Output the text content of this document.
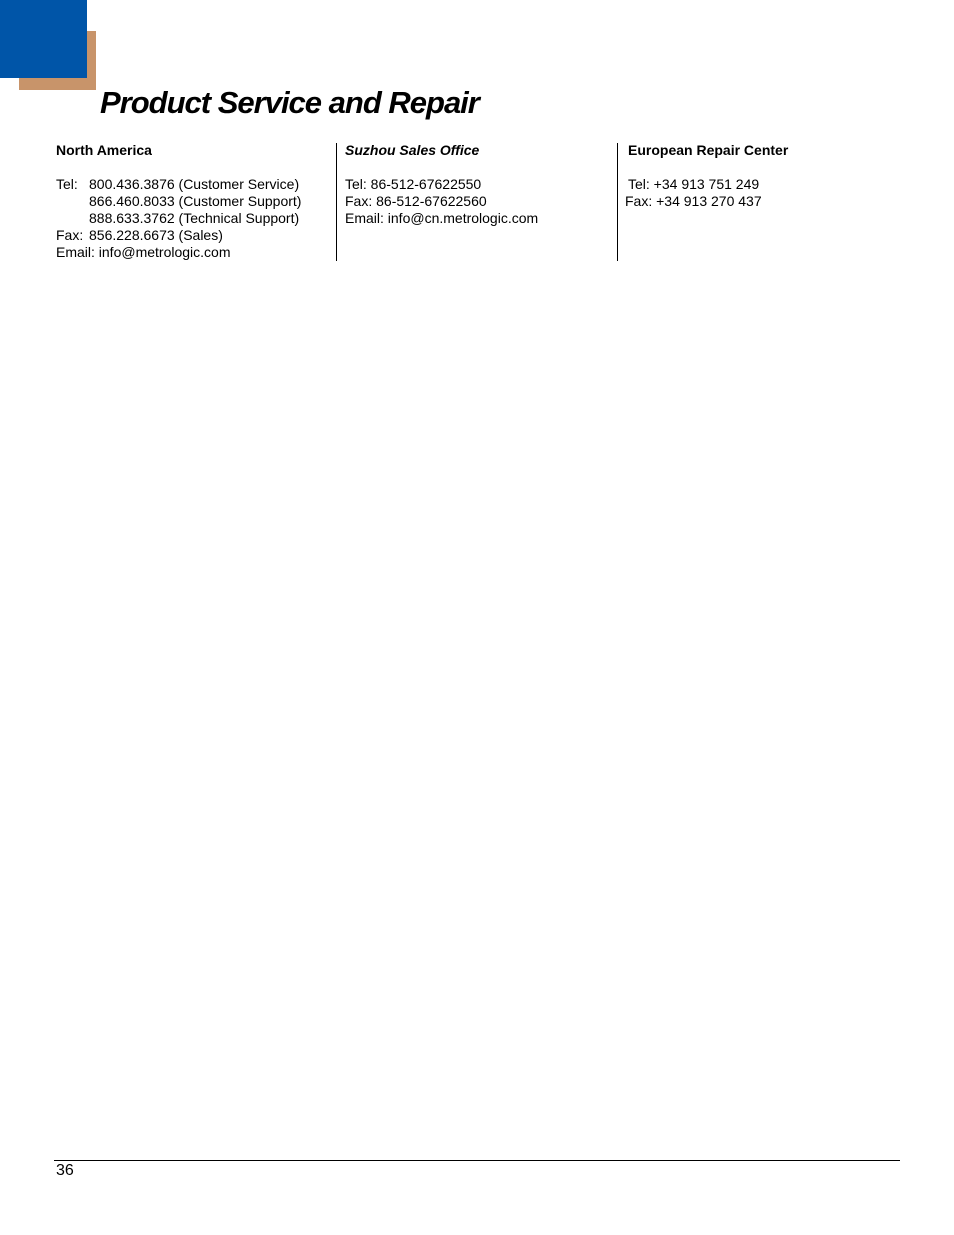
Product Service and Repair
North America
Tel: 800.436.3876 (Customer Service)
866.460.8033 (Customer Support)
888.633.3762 (Technical Support)
Fax: 856.228.6673 (Sales)
Email: info@metrologic.com
Suzhou Sales Office
Tel: 86-512-67622550
Fax: 86-512-67622560
Email: info@cn.metrologic.com
European Repair Center
Tel: +34 913 751 249
Fax: +34 913 270 437
36
